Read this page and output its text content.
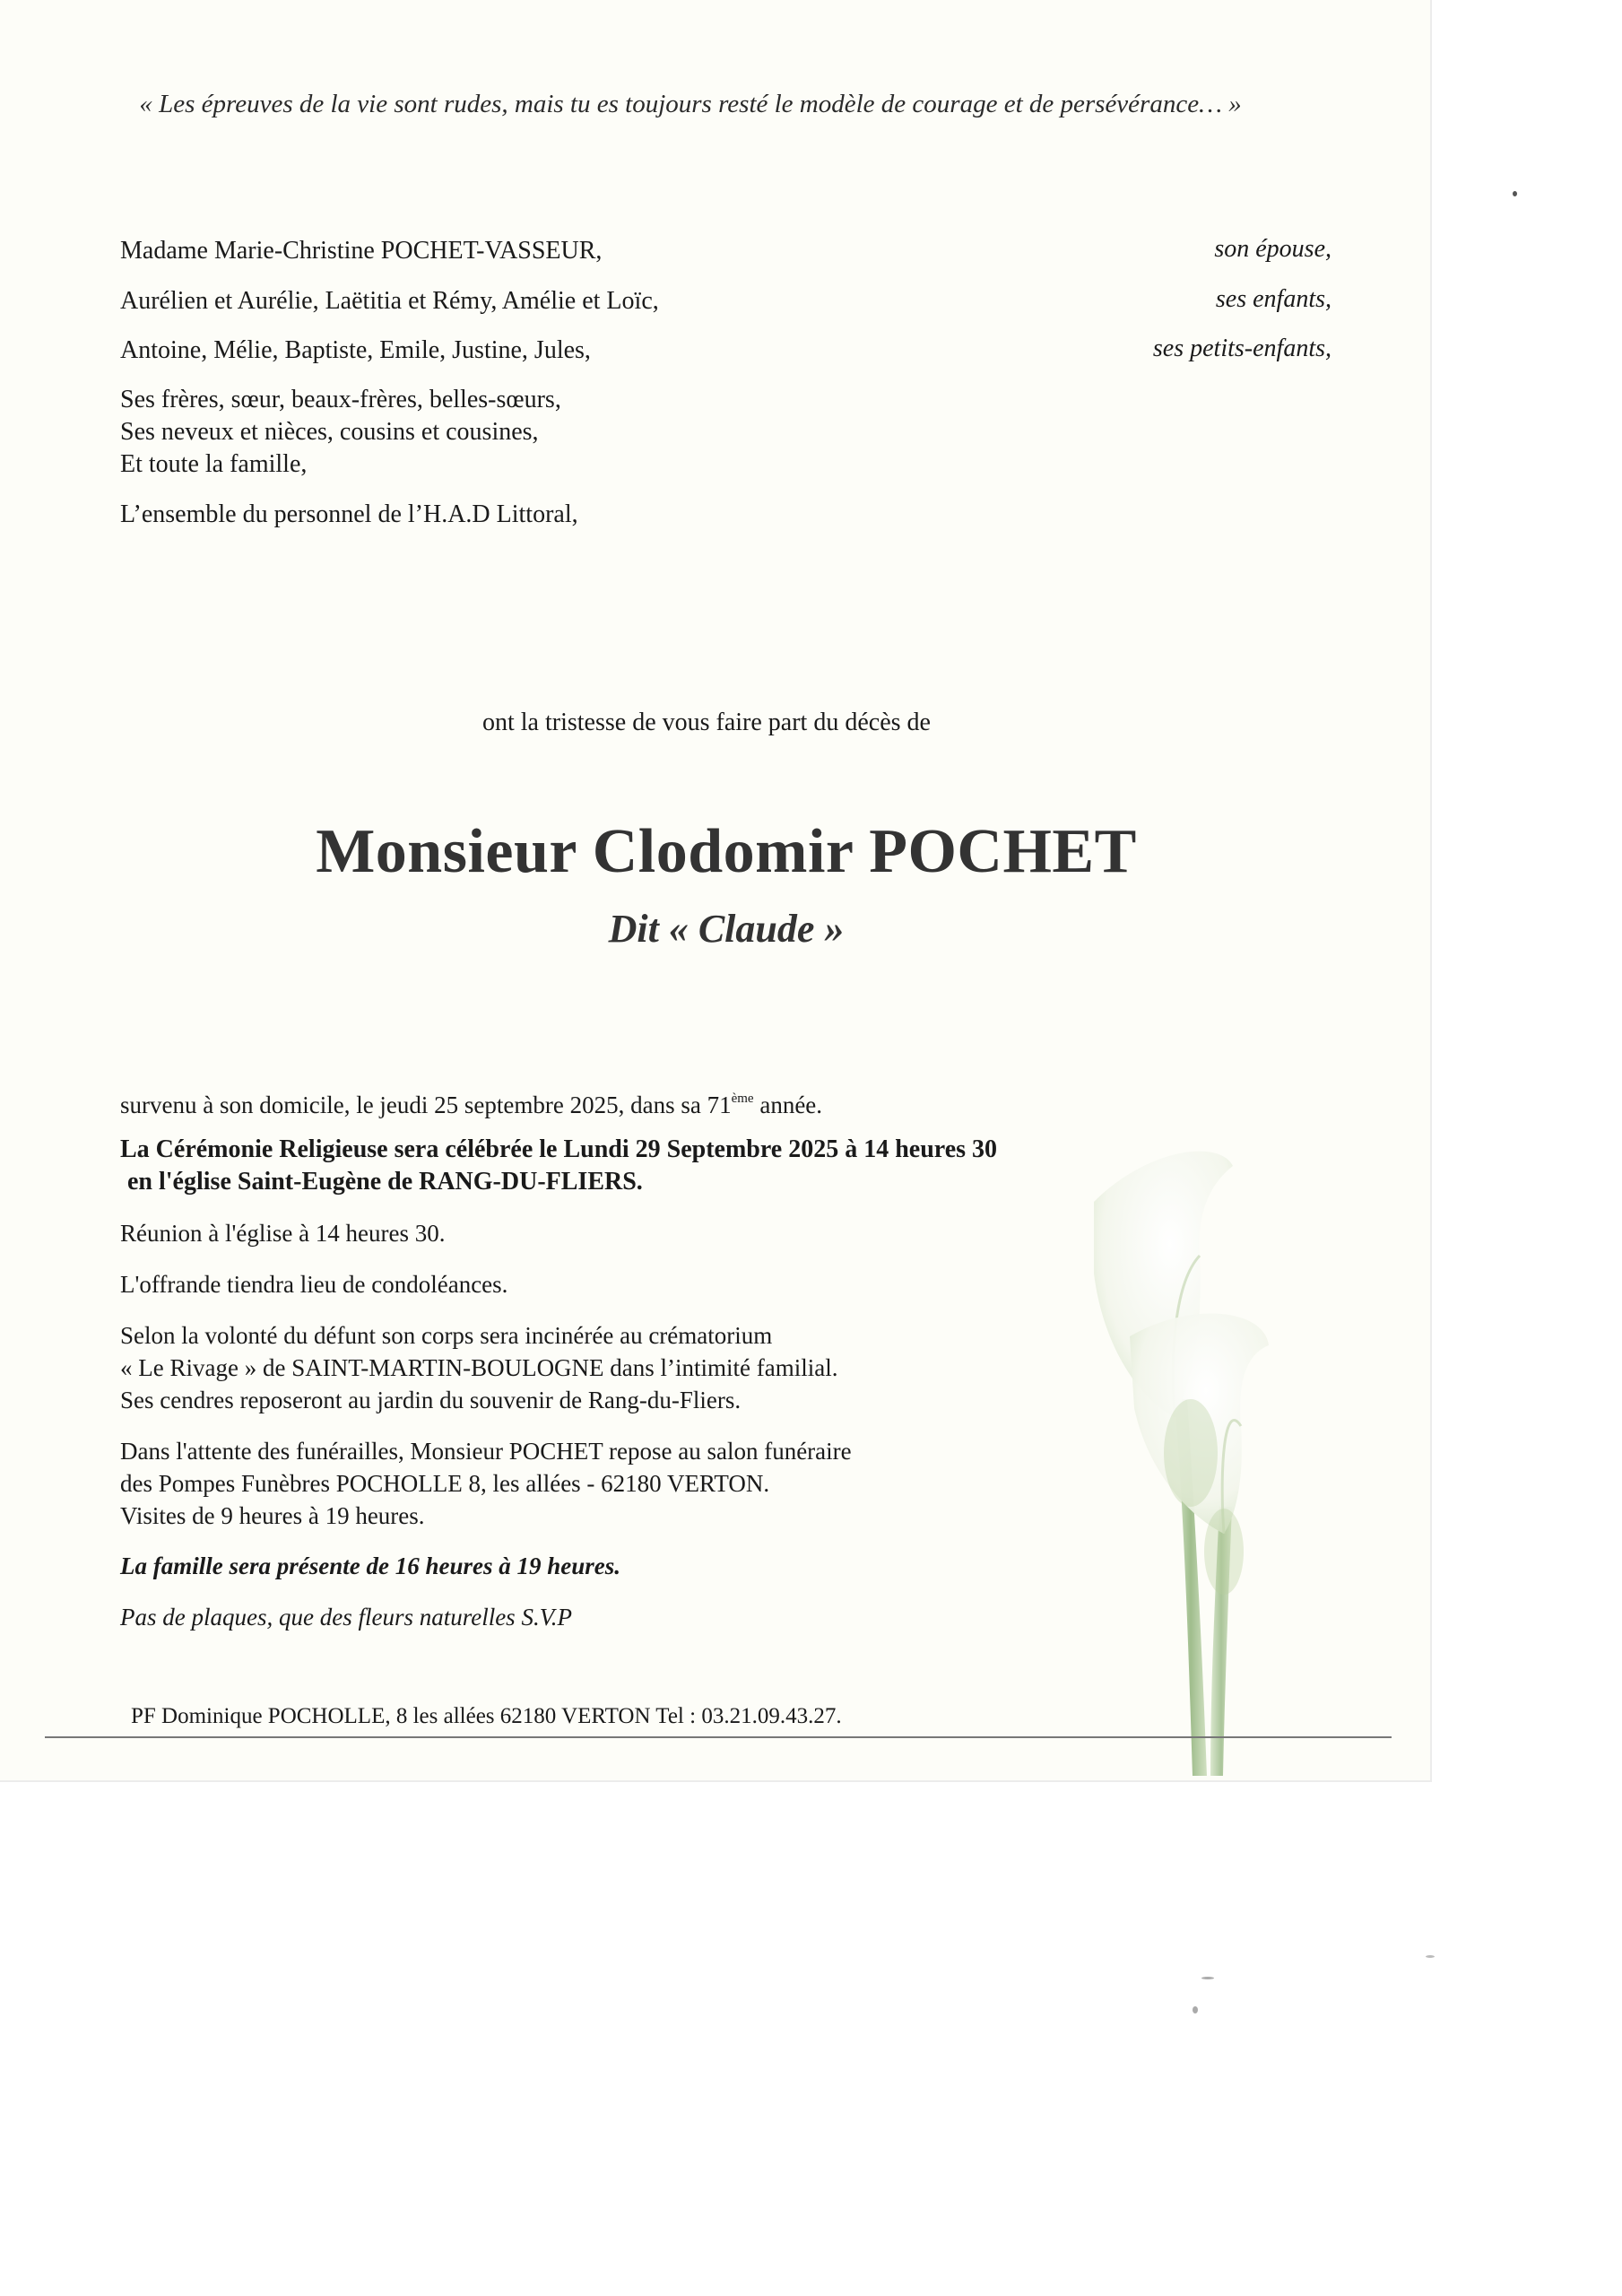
« Les épreuves de la vie sont rudes, mais tu es toujours resté le modèle de courage et de persévérance… »

Madame Marie-Christine POCHET-VASSEUR,	son épouse,

Aurélien et Aurélie, Laëtitia et Rémy, Amélie et Loïc,	ses enfants,

Antoine, Mélie, Baptiste, Emile, Justine, Jules,	ses petits-enfants,

Ses frères, sœur, beaux-frères, belles-sœurs,

Ses neveux et nièces, cousins et cousines,

Et toute la famille,

L’ensemble du personnel de l’H.A.D Littoral,

ont la tristesse de vous faire part du décès de

Monsieur Clodomir POCHET

Dit « Claude »

survenu à son domicile, le jeudi 25 septembre 2025, dans sa 71ème année.

La Cérémonie Religieuse sera célébrée le Lundi 29 Septembre 2025 à 14 heures 30

en l'église Saint-Eugène de RANG-DU-FLIERS.

Réunion à l'église à 14 heures 30.

L'offrande tiendra lieu de condoléances.

Selon la volonté du défunt son corps sera incinérée au crématorium

« Le Rivage » de SAINT-MARTIN-BOULOGNE dans l’intimité familial.

Ses cendres reposeront au jardin du souvenir de Rang-du-Fliers.

Dans l'attente des funérailles, Monsieur POCHET repose au salon funéraire

des Pompes Funèbres POCHOLLE 8, les allées - 62180 VERTON.

Visites de 9 heures à 19 heures.

La famille sera présente de 16 heures à 19 heures.

Pas de plaques, que des fleurs naturelles S.V.P

PF Dominique POCHOLLE, 8 les allées 62180 VERTON Tel : 03.21.09.43.27.
